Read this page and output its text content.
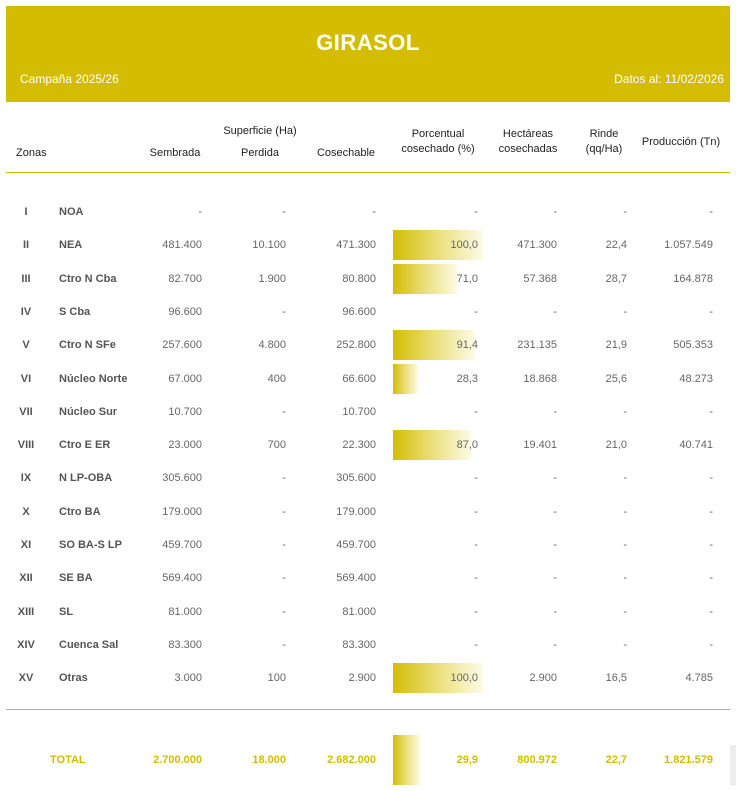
GIRASOL
Campaña 2025/26	Datos al: 11/02/2026
Zonas
Superficie (Ha)
Sembrada	Perdida	Cosechable
Porcentual
cosechado (%)
Hectáreas
cosechadas
Rinde
(qq/Ha)
Producción (Tn)
I	NOA	-	-	-	-	-	-	-
II	NEA	481.400	10.100	471.300	100,0	471.300	22,4	1.057.549
III	Ctro N Cba	82.700	1.900	80.800	71,0	57.368	28,7	164.878
IV	S Cba	96.600	-	96.600	-	-	-	-
V	Ctro N SFe	257.600	4.800	252.800	91,4	231.135	21,9	505.353
VI	Núcleo Norte	67.000	400	66.600	28,3	18.868	25,6	48.273
VII	Núcleo Sur	10.700	-	10.700	-	-	-	-
VIII	Ctro E ER	23.000	700	22.300	87,0	19.401	21,0	40.741
IX	N LP-OBA	305.600	-	305.600	-	-	-	-
X	Ctro BA	179.000	-	179.000	-	-	-	-
XI	SO BA-S LP	459.700	-	459.700	-	-	-	-
XII	SE BA	569.400	-	569.400	-	-	-	-
XIII	SL	81.000	-	81.000	-	-	-	-
XIV	Cuenca Sal	83.300	-	83.300	-	-	-	-
XV	Otras	3.000	100	2.900	100,0	2.900	16,5	4.785
TOTAL	2.700.000	18.000	2.682.000	29,9	800.972	22,7	1.821.579
